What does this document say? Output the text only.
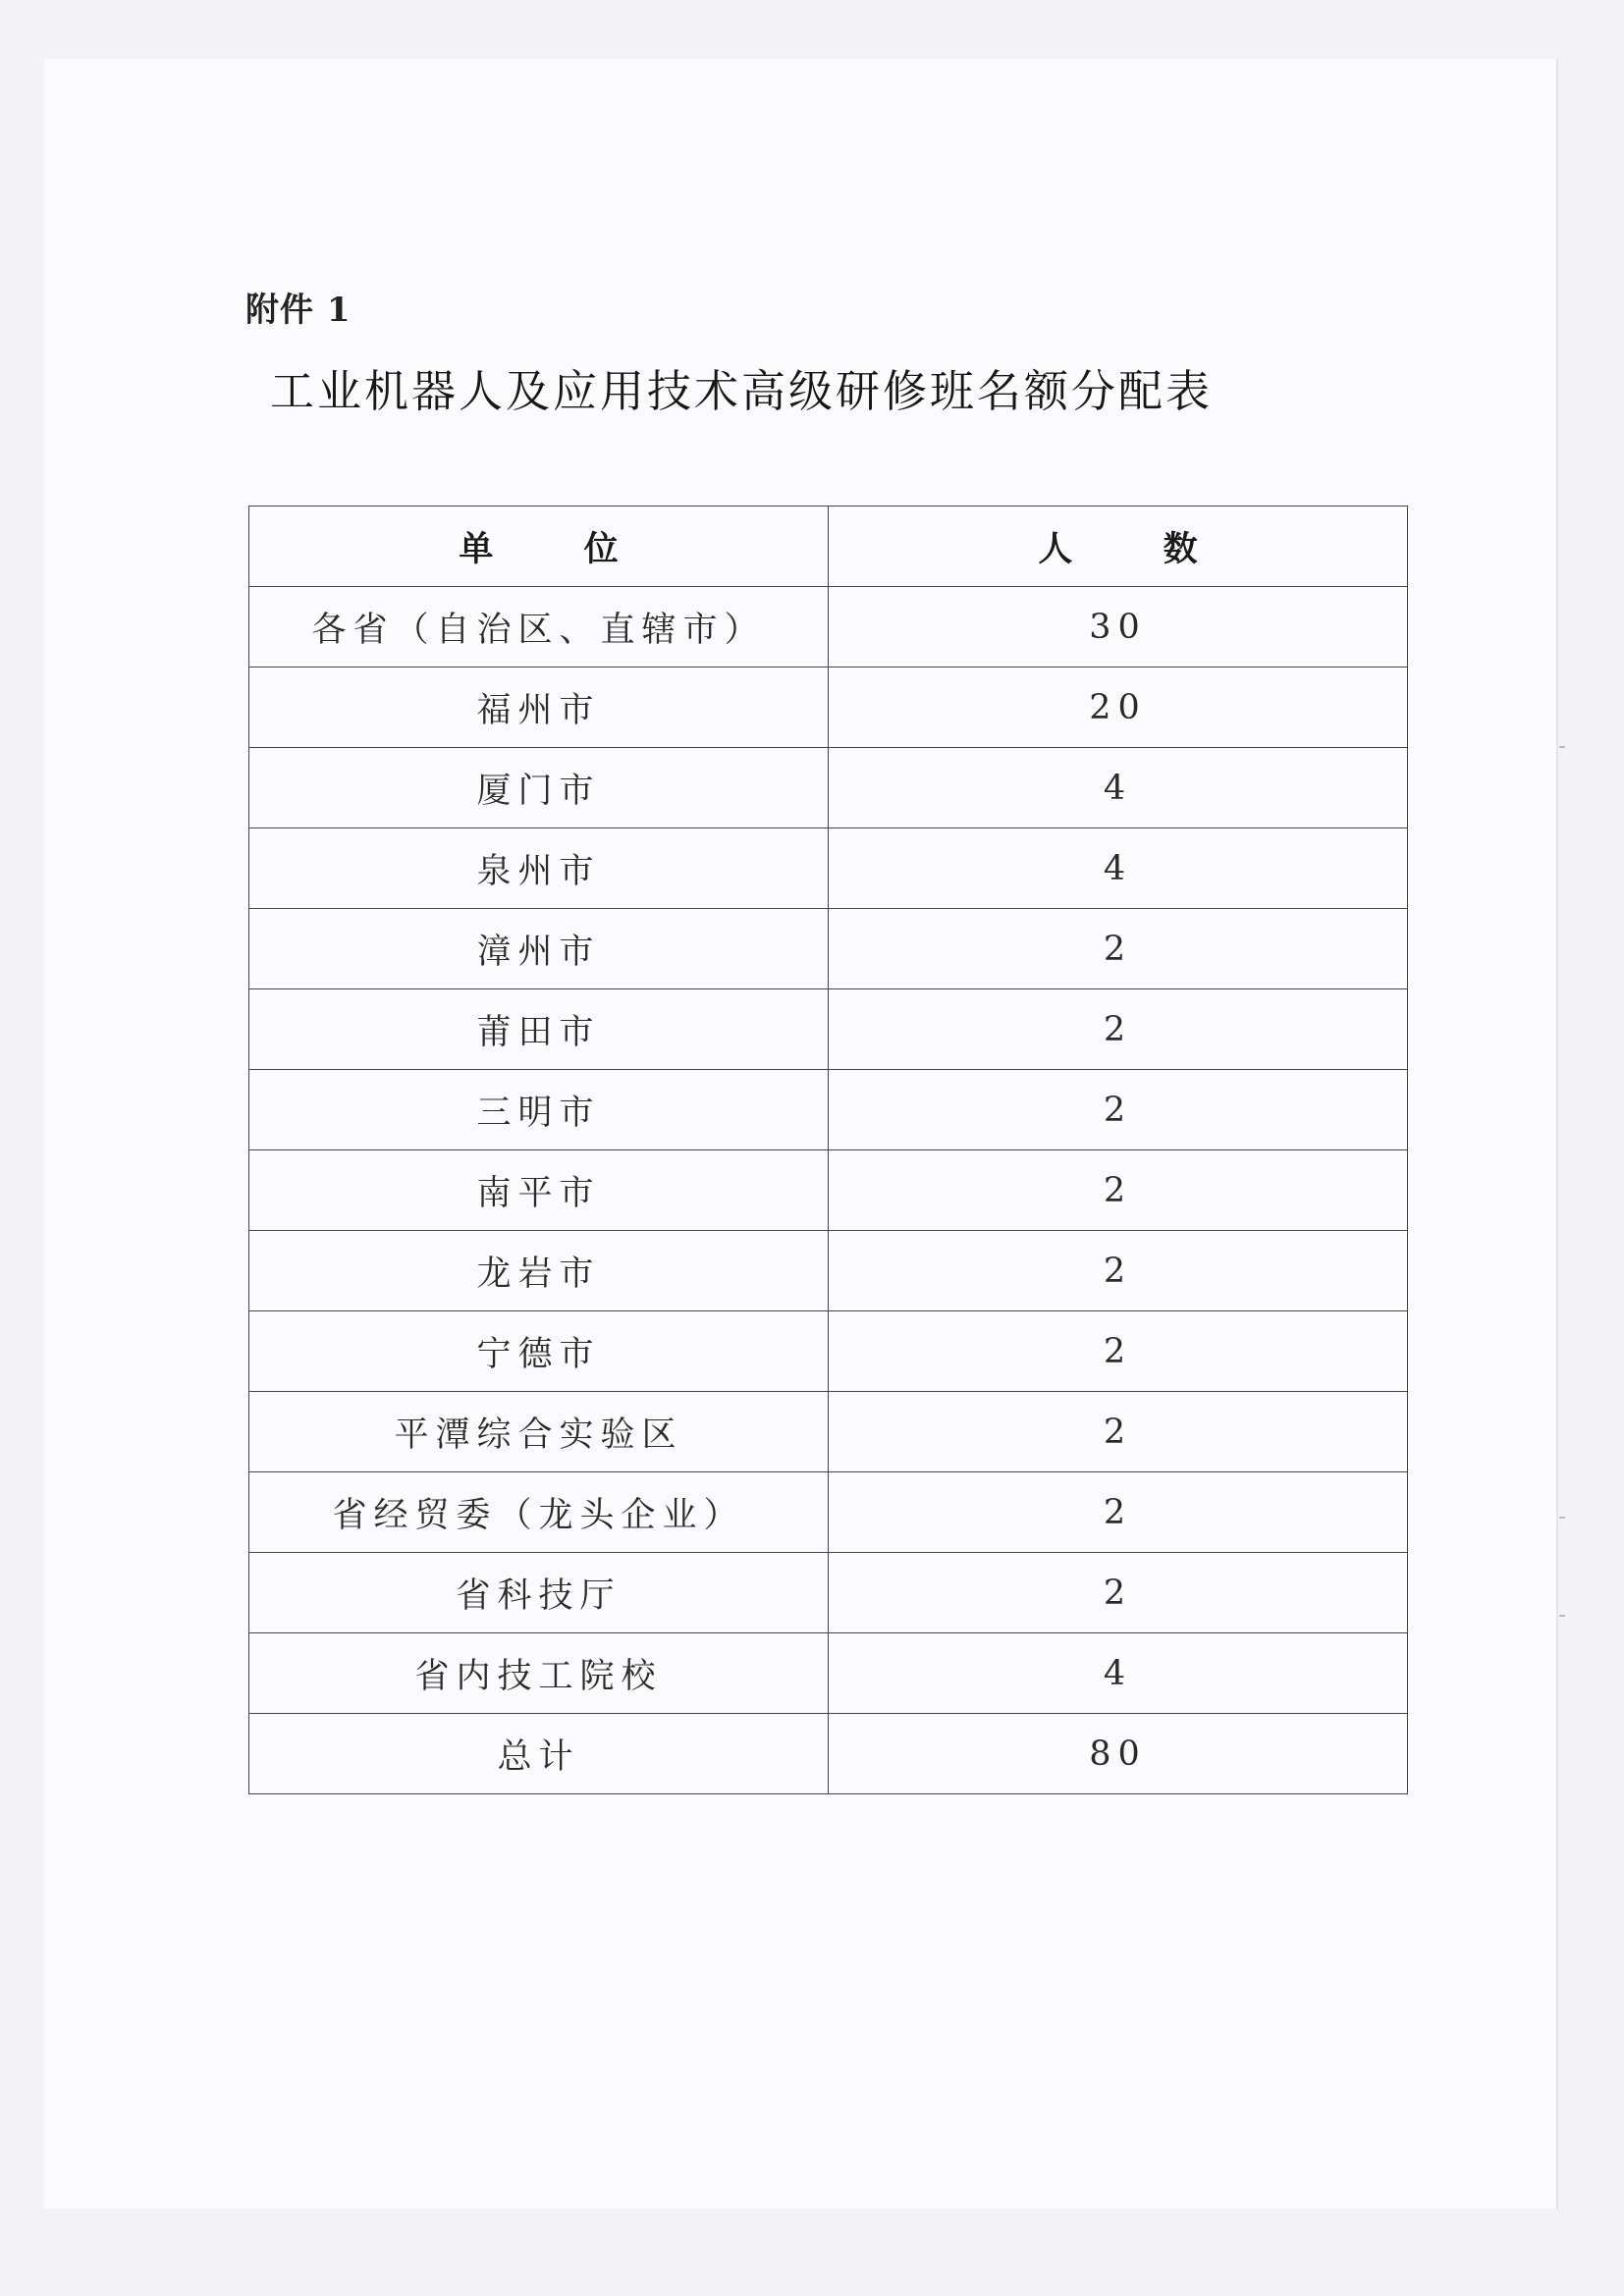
附件 1
工业机器人及应用技术高级研修班名额分配表
单 位	人 数
各省（自治区、直辖市）	30
福州市	20
厦门市	4
泉州市	4
漳州市	2
莆田市	2
三明市	2
南平市	2
龙岩市	2
宁德市	2
平潭综合实验区	2
省经贸委（龙头企业）	2
省科技厅	2
省内技工院校	4
总计	80
